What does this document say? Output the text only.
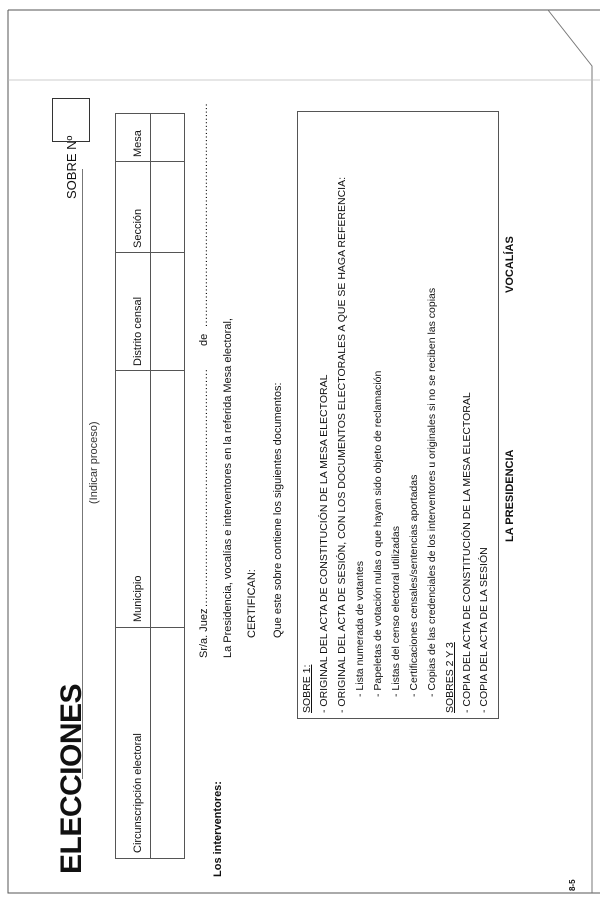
ELECCIONES
(Indicar proceso)
SOBRE Nº
Circunscripción electoral
Municipio
Distrito censal
Sección
Mesa
Los interventores:
Sr/a. Juez
...................................................................
de
...............................................................
La Presidencia, vocalías e interventores en la referida Mesa electoral, CERTIFICAN: Que este sobre contiene los siguientes documentos:
SOBRE 1: - ORIGINAL DEL ACTA DE CONSTITUCIÓN DE LA MESA ELECTORAL - ORIGINAL DEL ACTA DE SESIÓN, CON LOS DOCUMENTOS ELECTORALES A QUE SE HAGA REFERENCIA: - Lista numerada de votantes - Papeletas de votación nulas o que hayan sido objeto de reclamación - Listas del censo electoral utilizadas - Certificaciones censales/sentencias aportadas - Copias de las credenciales de los interventores u originales si no se reciben las copias SOBRES 2 Y 3 - COPIA DEL ACTA DE CONSTITUCIÓN DE LA MESA ELECTORAL - COPIA DEL ACTA DE LA SESIÓN
LA PRESIDENCIA
VOCALÍAS
8-5
